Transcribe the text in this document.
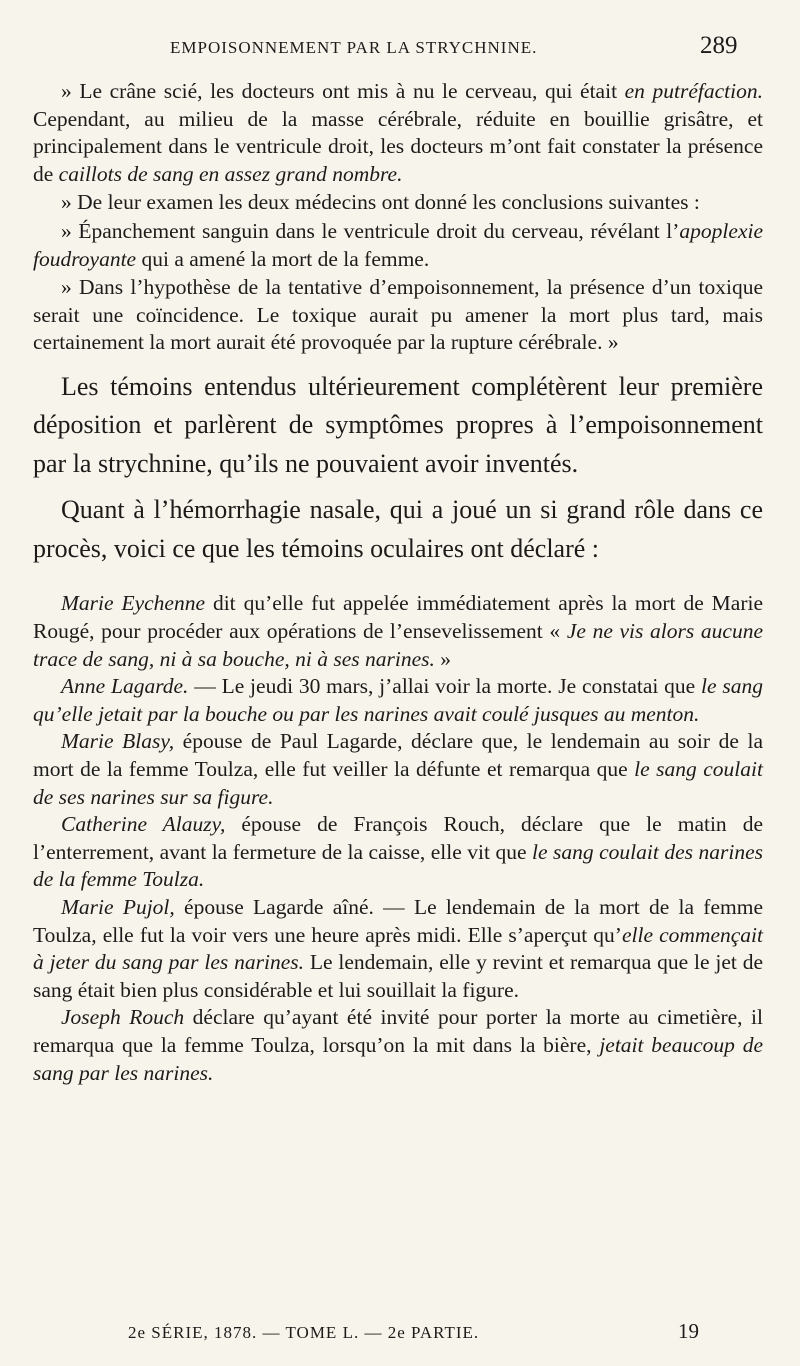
EMPOISONNEMENT PAR LA STRYCHNINE.	289

» Le crâne scié, les docteurs ont mis à nu le cerveau, qui était en putréfaction. Cependant, au milieu de la masse cérébrale, réduite en bouillie grisâtre, et principalement dans le ventricule droit, les docteurs m’ont fait constater la présence de caillots de sang en assez grand nombre.

» De leur examen les deux médecins ont donné les conclusions suivantes :

» Épanchement sanguin dans le ventricule droit du cerveau, révélant l’apoplexie foudroyante qui a amené la mort de la femme.

» Dans l’hypothèse de la tentative d’empoisonnement, la présence d’un toxique serait une coïncidence. Le toxique aurait pu amener la mort plus tard, mais certainement la mort aurait été provoquée par la rupture cérébrale. »

Les témoins entendus ultérieurement complétèrent leur première déposition et parlèrent de symptômes propres à l’empoisonnement par la strychnine, qu’ils ne pouvaient avoir inventés.

Quant à l’hémorrhagie nasale, qui a joué un si grand rôle dans ce procès, voici ce que les témoins oculaires ont déclaré :

Marie Eychenne dit qu’elle fut appelée immédiatement après la mort de Marie Rougé, pour procéder aux opérations de l’ensevelissement « Je ne vis alors aucune trace de sang, ni à sa bouche, ni à ses narines. »

Anne Lagarde. — Le jeudi 30 mars, j’allai voir la morte. Je constatai que le sang qu’elle jetait par la bouche ou par les narines avait coulé jusques au menton.

Marie Blasy, épouse de Paul Lagarde, déclare que, le lendemain au soir de la mort de la femme Toulza, elle fut veiller la défunte et remarqua que le sang coulait de ses narines sur sa figure.

Catherine Alauzy, épouse de François Rouch, déclare que le matin de l’enterrement, avant la fermeture de la caisse, elle vit que le sang coulait des narines de la femme Toulza.

Marie Pujol, épouse Lagarde aîné. — Le lendemain de la mort de la femme Toulza, elle fut la voir vers une heure après midi. Elle s’aperçut qu’elle commençait à jeter du sang par les narines. Le lendemain, elle y revint et remarqua que le jet de sang était bien plus considérable et lui souillait la figure.

Joseph Rouch déclare qu’ayant été invité pour porter la morte au cimetière, il remarqua que la femme Toulza, lorsqu’on la mit dans la bière, jetait beaucoup de sang par les narines.

2e SÉRIE, 1878. — TOME L. — 2e PARTIE.	19
